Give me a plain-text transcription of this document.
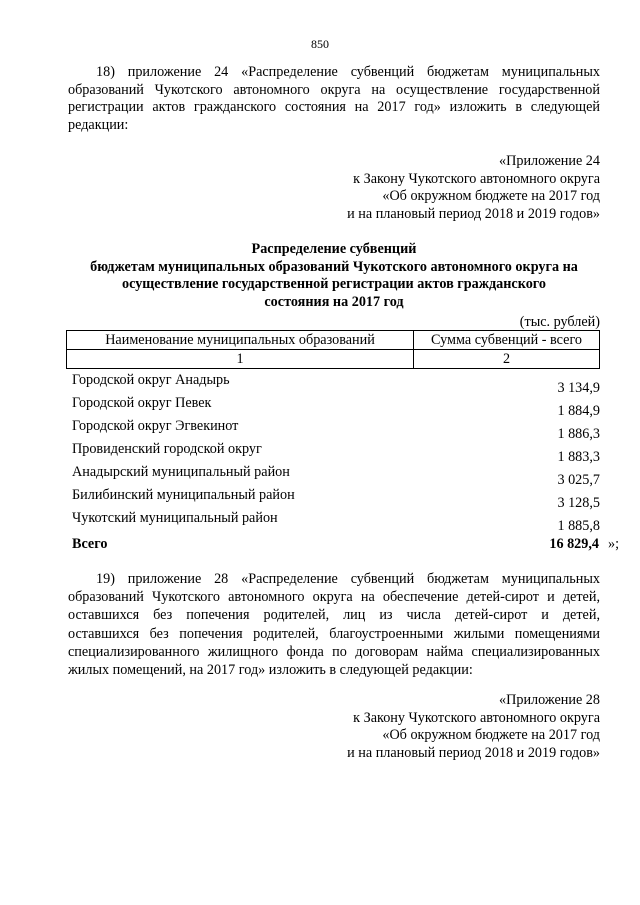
850
18) приложение 24 «Распределение субвенций бюджетам муниципальных
образований Чукотского автономного округа на осуществление государственной
регистрации актов гражданского состояния на 2017 год» изложить в следующей
редакции:
«Приложение 24
к Закону Чукотского автономного округа
«Об окружном бюджете на 2017 год
и на плановый период 2018 и 2019 годов»
Распределение субвенций
бюджетам муниципальных образований Чукотского автономного округа на
осуществление государственной регистрации актов гражданского
состояния на 2017 год
(тыс. рублей)
Наименование муниципальных образований	Сумма субвенций - всего
1	2
Городской округ Анадырь	3 134,9
Городской округ Певек	1 884,9
Городской округ Эгвекинот	1 886,3
Провиденский городской округ	1 883,3
Анадырский муниципальный район	3 025,7
Билибинский муниципальный район	3 128,5
Чукотский муниципальный район	1 885,8
Всего	16 829,4 »;
19) приложение 28 «Распределение субвенций бюджетам муниципальных
образований Чукотского автономного округа на обеспечение детей-сирот и детей,
оставшихся без попечения родителей, лиц из числа детей-сирот и детей,
оставшихся без попечения родителей, благоустроенными жилыми помещениями
специализированного жилищного фонда по договорам найма специализированных
жилых помещений, на 2017 год» изложить в следующей редакции:
«Приложение 28
к Закону Чукотского автономного округа
«Об окружном бюджете на 2017 год
и на плановый период 2018 и 2019 годов»
